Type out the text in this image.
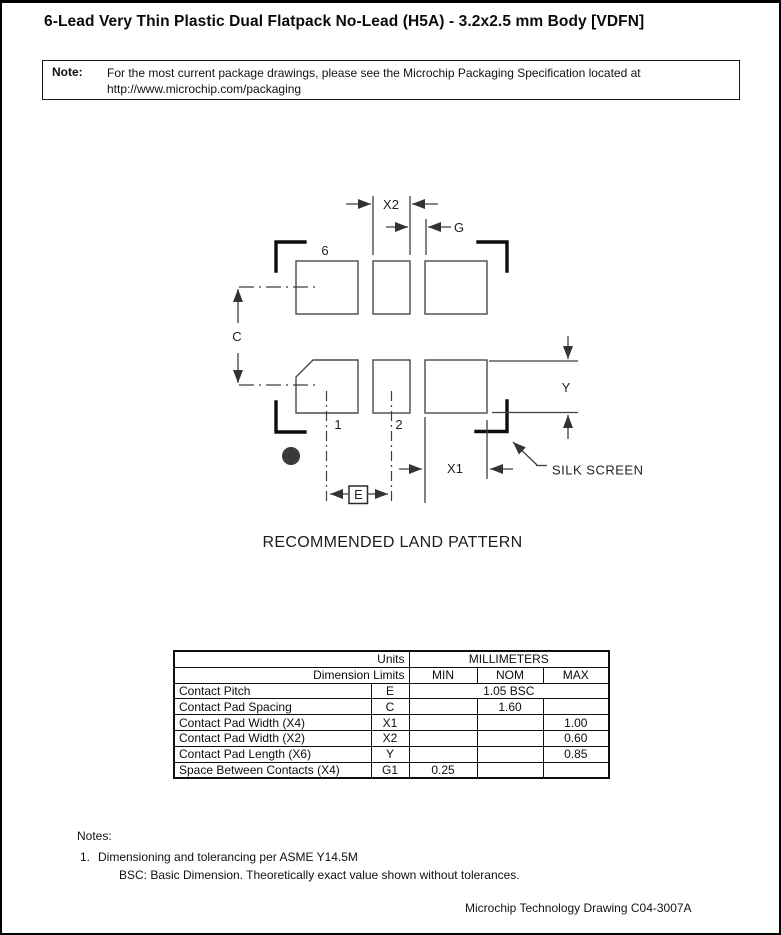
6-Lead Very Thin Plastic Dual Flatpack No-Lead (H5A) - 3.2x2.5 mm Body [VDFN]
Note: For the most current package drawings, please see the Microchip Packaging Specification located at
http://www.microchip.com/packaging
X2
G
C
Y
X1
E
SILK SCREEN
6
1	2
RECOMMENDED LAND PATTERN
Units		MILLIMETERS		
Dimension Limits		MIN	NOM	MAX
Contact Pitch	E	1.05 BSC		
Contact Pad Spacing	C		1.60	
Contact Pad Width (X4)	X1			1.00
Contact Pad Width (X2)	X2			0.60
Contact Pad Length (X6)	Y			0.85
Space Between Contacts (X4)	G1	0.25		
Notes:
1. Dimensioning and tolerancing per ASME Y14.5M
BSC: Basic Dimension. Theoretically exact value shown without tolerances.
Microchip Technology Drawing C04-3007A
